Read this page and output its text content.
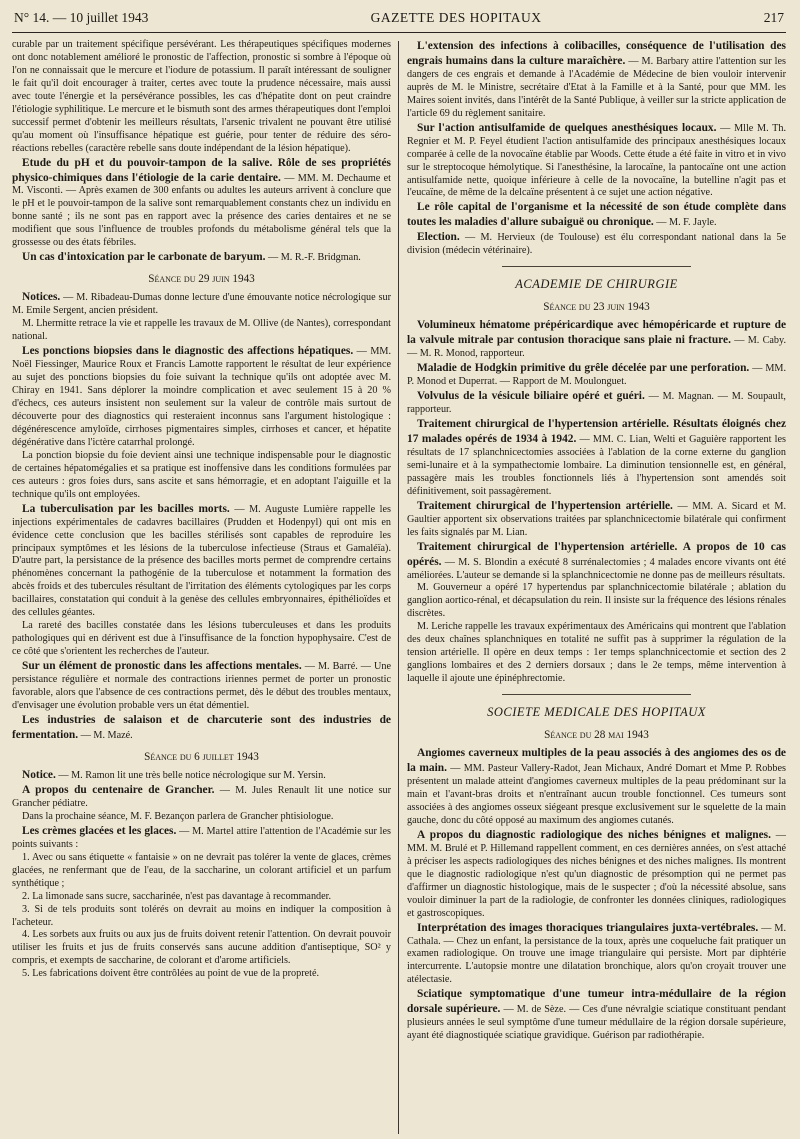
N° 14. — 10 juillet 1943	GAZETTE DES HOPITAUX	217

curable par un traitement spécifique persévérant. Les thérapeutiques spécifiques modernes ont donc notablement amélioré le pronostic de l'affection, pronostic si sombre à l'époque où l'on ne connaissait que le mercure et l'iodure de potassium. Il paraît intéressant de souligner le fait qu'il doit encourager à traiter, certes avec toute la prudence nécessaire, mais aussi avec toute l'énergie et la persévérance possibles, les cas d'hépatite dont on peut craindre l'étiologie syphilitique. Le mercure et le bismuth sont des armes thérapeutiques dont l'emploi successif permet d'obtenir les meilleurs résultats, l'arsenic trivalent ne pouvant être utilisé qu'au moment où l'insuffisance hépatique est guérie, pour tenter de réduire des séro-réactions rebelles (caractère rebelle sans doute indépendant de la lésion hépatique).

Etude du pH et du pouvoir-tampon de la salive. Rôle de ses propriétés physico-chimiques dans l'étiologie de la carie dentaire. — MM. M. Dechaume et M. Visconti. — Après examen de 300 enfants ou adultes les auteurs arrivent à conclure que le pH et le pouvoir-tampon de la salive sont remarquablement constants chez un individu en bonne santé ; ils ne sont pas en rapport avec la présence des caries dentaires et ne se modifient que sous l'influence de troubles profonds du métabolisme général tels que la grossesse ou des états fébriles.

Un cas d'intoxication par le carbonate de baryum. — M. R.-F. Bridgman.

Séance du 29 juin 1943

Notices. — M. Ribadeau-Dumas donne lecture d'une émouvante notice nécrologique sur M. Emile Sergent, ancien président.

M. Lhermitte retrace la vie et rappelle les travaux de M. Ollive (de Nantes), correspondant national.

Les ponctions biopsies dans le diagnostic des affections hépatiques. — MM. Noël Fiessinger, Maurice Roux et Francis Lamotte rapportent le résultat de leur expérience au sujet des ponctions biopsies du foie suivant la technique qu'ils ont adoptée avec M. Chiray en 1941. Sans déplorer la moindre complication et avec seulement 15 à 20 % d'échecs, ces auteurs insistent non seulement sur la valeur de contrôle mais surtout de découverte pour des diagnostics qui resteraient inconnus sans l'argument histologique : dégénérescence amyloïde, cirrhoses pigmentaires simples, cirrhoses et cancer, et hépatite dégénérative dans l'ictère catarrhal prolongé.

La ponction biopsie du foie devient ainsi une technique indispensable pour le diagnostic de certaines hépatomégalies et sa pratique est inoffensive dans les conditions formulées par ces auteurs : gros foies durs, sans ascite et sans hémorragie, et en adoptant l'aiguille et la technique qu'ils ont employées.

La tuberculisation par les bacilles morts. — M. Auguste Lumière rappelle les injections expérimentales de cadavres bacillaires (Prudden et Hodenpyl) qui ont mis en évidence cette conclusion que les bacilles stérilisés sont capables de reproduire les principaux symptômes et les lésions de la tuberculose infectieuse (Straus et Gamaléïa). D'autre part, la persistance de la présence des bacilles morts permet de comprendre certains phénomènes concernant la pathogénie de la tuberculose et notamment la formation des abcès froids et des tubercules résultant de l'irritation des éléments cytologiques par les corps bacillaires, constatation qui conduit à la genèse des cellules embryonnaires, épithélioïdes et des cellules géantes.

La rareté des bacilles constatée dans les lésions tuberculeuses et dans les produits pathologiques qui en dérivent est due à l'insuffisance de la fonction hypophysaire. C'est de ce côté que s'orientent les recherches de l'auteur.

Sur un élément de pronostic dans les affections mentales. — M. Barré. — Une persistance régulière et normale des contractions iriennes permet de porter un pronostic favorable, alors que l'absence de ces contractions permet, dès le début des troubles mentaux, d'envisager une évolution probable vers un état démentiel.

Les industries de salaison et de charcuterie sont des industries de fermentation. — M. Mazé.

Séance du 6 juillet 1943

Notice. — M. Ramon lit une très belle notice nécrologique sur M. Yersin.

A propos du centenaire de Grancher. — M. Jules Renault lit une notice sur Grancher pédiatre.

Dans la prochaine séance, M. F. Bezançon parlera de Grancher phtisiologue.

Les crèmes glacées et les glaces. — M. Martel attire l'attention de l'Académie sur les points suivants :

1. Avec ou sans étiquette « fantaisie » on ne devrait pas tolérer la vente de glaces, crèmes glacées, ne renfermant que de l'eau, de la saccharine, un colorant artificiel et un parfum synthétique ;

2. La limonade sans sucre, saccharinée, n'est pas davantage à recommander.

3. Si de tels produits sont tolérés on devrait au moins en indiquer la composition à l'acheteur.

4. Les sorbets aux fruits ou aux jus de fruits doivent retenir l'attention. On devrait pouvoir utiliser les fruits et jus de fruits conservés sans aucune addition d'antiseptique, SO² y compris, et exempts de saccharine, de colorant et d'arome artificiels.

5. Les fabrications doivent être contrôlées au point de vue de la propreté.

L'extension des infections à colibacilles, conséquence de l'utilisation des engrais humains dans la culture maraîchère. — M. Barbary attire l'attention sur les dangers de ces engrais et demande à l'Académie de Médecine de bien vouloir intervenir auprès de M. le Ministre, secrétaire d'Etat à la Famille et à la Santé, pour que MM. les Maires soient invités, dans l'intérêt de la Santé Publique, à veiller sur la stricte application de l'article 69 du règlement sanitaire.

Sur l'action antisulfamide de quelques anesthésiques locaux. — Mlle M. Th. Regnier et M. P. Feyel étudient l'action antisulfamide des principaux anesthésiques locaux comparée à celle de la novocaïne établie par Woods. Cette étude a été faite in vitro et in vivo sur le streptocoque hémolytique. Si l'anesthésine, la larocaïne, la pantocaïne ont une action antisulfamide nette, quoique inférieure à celle de la novocaïne, la butelline n'agit pas et l'eucaïne, de même de la delcaïne présentent à ce sujet une action négative.

Le rôle capital de l'organisme et la nécessité de son étude complète dans toutes les maladies d'allure subaiguë ou chronique. — M. F. Jayle.

Election. — M. Hervieux (de Toulouse) est élu correspondant national dans la 5e division (médecin vétérinaire).

ACADEMIE DE CHIRURGIE
Séance du 23 juin 1943

Volumineux hématome prépéricardique avec hémopéricarde et rupture de la valvule mitrale par contusion thoracique sans plaie ni fracture. — M. Caby. — M. R. Monod, rapporteur.

Maladie de Hodgkin primitive du grêle décelée par une perforation. — MM. P. Monod et Duperrat. — Rapport de M. Moulonguet.

Volvulus de la vésicule biliaire opéré et guéri. — M. Magnan. — M. Soupault, rapporteur.

Traitement chirurgical de l'hypertension artérielle. Résultats éloignés chez 17 malades opérés de 1934 à 1942. — MM. C. Lian, Welti et Gaguière rapportent les résultats de 17 splanchnicectomies associées à l'ablation de la corne externe du ganglion semi-lunaire et à la sympathectomie lombaire. La diminution tensionnelle est, en général, passagère mais les troubles fonctionnels liés à l'hypertension sont amendés soit définitivement, soit passagèrement.

Traitement chirurgical de l'hypertension artérielle. — MM. A. Sicard et M. Gaultier apportent six observations traitées par splanchnicectomie bilatérale qui confirment les faits signalés par M. Lian.

Traitement chirurgical de l'hypertension artérielle. A propos de 10 cas opérés. — M. S. Blondin a exécuté 8 surrénalectomies ; 4 malades encore vivants ont été améliorées. L'auteur se demande si la splanchnicectomie ne donne pas de meilleurs résultats.

M. Gouverneur a opéré 17 hypertendus par splanchnicectomie bilatérale ; ablation du ganglion aortico-rénal, et décapsulation du rein. Il insiste sur la fréquence des lésions rénales discrètes.

M. Leriche rappelle les travaux expérimentaux des Américains qui montrent que l'ablation des deux chaînes splanchniques en totalité ne suffit pas à supprimer la régulation de la tension artérielle. Il opère en deux temps : 1er temps splanchnicectomie et section des 2 ganglions lombaires et des 2 derniers dorsaux ; dans le 2e temps, même intervention à laquelle il ajoute une épinéphrectomie.

SOCIETE MEDICALE DES HOPITAUX
Séance du 28 mai 1943

Angiomes caverneux multiples de la peau associés à des angiomes des os de la main. — MM. Pasteur Vallery-Radot, Jean Michaux, André Domart et Mme P. Robbes présentent un malade atteint d'angiomes caverneux multiples de la peau prédominant sur la main et l'avant-bras droits et n'entraînant aucun trouble fonctionnel. Ces tumeurs sont associées à des angiomes osseux siégeant presque exclusivement sur le squelette de la main gauche, donc du côté opposé au maximum des angiomes cutanés.

A propos du diagnostic radiologique des niches bénignes et malignes. — MM. M. Brulé et P. Hillemand rappellent comment, en ces dernières années, on s'est attaché à préciser les aspects radiologiques des niches bénignes et des niches malignes. Ils montrent que le diagnostic radiologique n'est qu'un diagnostic de présomption qui ne permet pas d'affirmer un diagnostic histologique, mais de le suspecter ; d'où la nécessité absolue, sans vouloir diminuer la part de la radiologie, de confronter les données cliniques, radiologiques et gastroscopiques.

Interprétation des images thoraciques triangulaires juxta-vertébrales. — M. Cathala. — Chez un enfant, la persistance de la toux, après une coqueluche fait pratiquer un examen radiologique. On trouve une image triangulaire qui persiste. Mort par diphtérie intercurrente. L'autopsie montre une dilatation bronchique, alors qu'on croyait trouver une atélectasie.

Sciatique symptomatique d'une tumeur intra-médullaire de la région dorsale supérieure. — M. de Sèze. — Ces d'une névralgie sciatique constituant pendant plusieurs années le seul symptôme d'une tumeur médullaire de la région dorsale supérieure, ayant été diagnostiquée sciatique gravidique. Guérison par radiothérapie.
